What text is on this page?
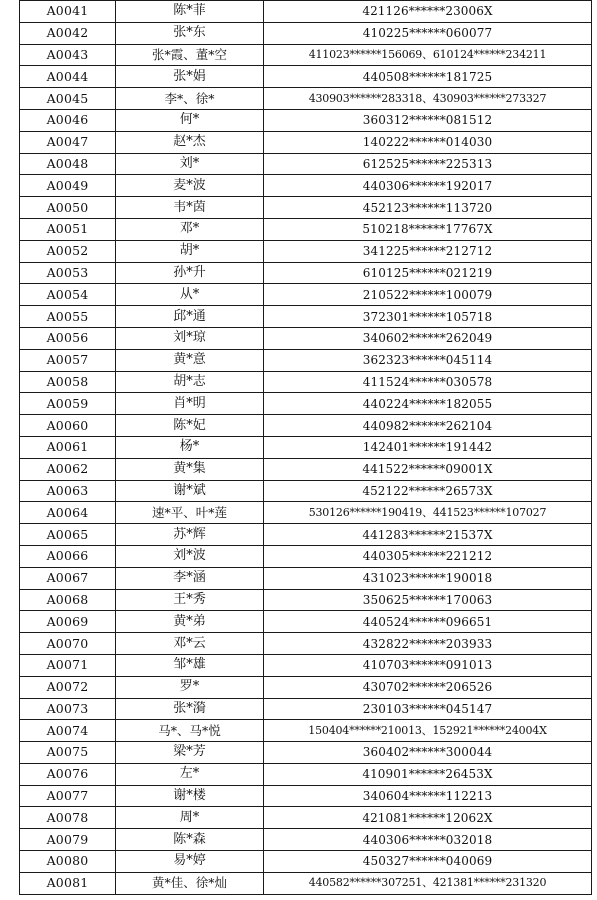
A0041	陈*菲	421126******23006X
A0042	张*东	410225******060077
A0043	张*霞、董*空	411023******156069、610124******234211
A0044	张*娟	440508******181725
A0045	李*、徐*	430903******283318、430903******273327
A0046	何*	360312******081512
A0047	赵*杰	140222******014030
A0048	刘*	612525******225313
A0049	麦*波	440306******192017
A0050	韦*茵	452123******113720
A0051	邓*	510218******17767X
A0052	胡*	341225******212712
A0053	孙*升	610125******021219
A0054	从*	210522******100079
A0055	邱*通	372301******105718
A0056	刘*琼	340602******262049
A0057	黄*意	362323******045114
A0058	胡*志	411524******030578
A0059	肖*明	440224******182055
A0060	陈*妃	440982******262104
A0061	杨*	142401******191442
A0062	黄*集	441522******09001X
A0063	谢*斌	452122******26573X
A0064	速*平、叶*莲	530126******190419、441523******107027
A0065	苏*辉	441283******21537X
A0066	刘*波	440305******221212
A0067	李*涵	431023******190018
A0068	王*秀	350625******170063
A0069	黄*弟	440524******096651
A0070	邓*云	432822******203933
A0071	邹*雄	410703******091013
A0072	罗*	430702******206526
A0073	张*漪	230103******045147
A0074	马*、马*悦	150404******210013、152921******24004X
A0075	梁*芳	360402******300044
A0076	左*	410901******26453X
A0077	谢*楼	340604******112213
A0078	周*	421081******12062X
A0079	陈*森	440306******032018
A0080	易*婷	450327******040069
A0081	黄*佳、徐*灿	440582******307251、421381******231320
